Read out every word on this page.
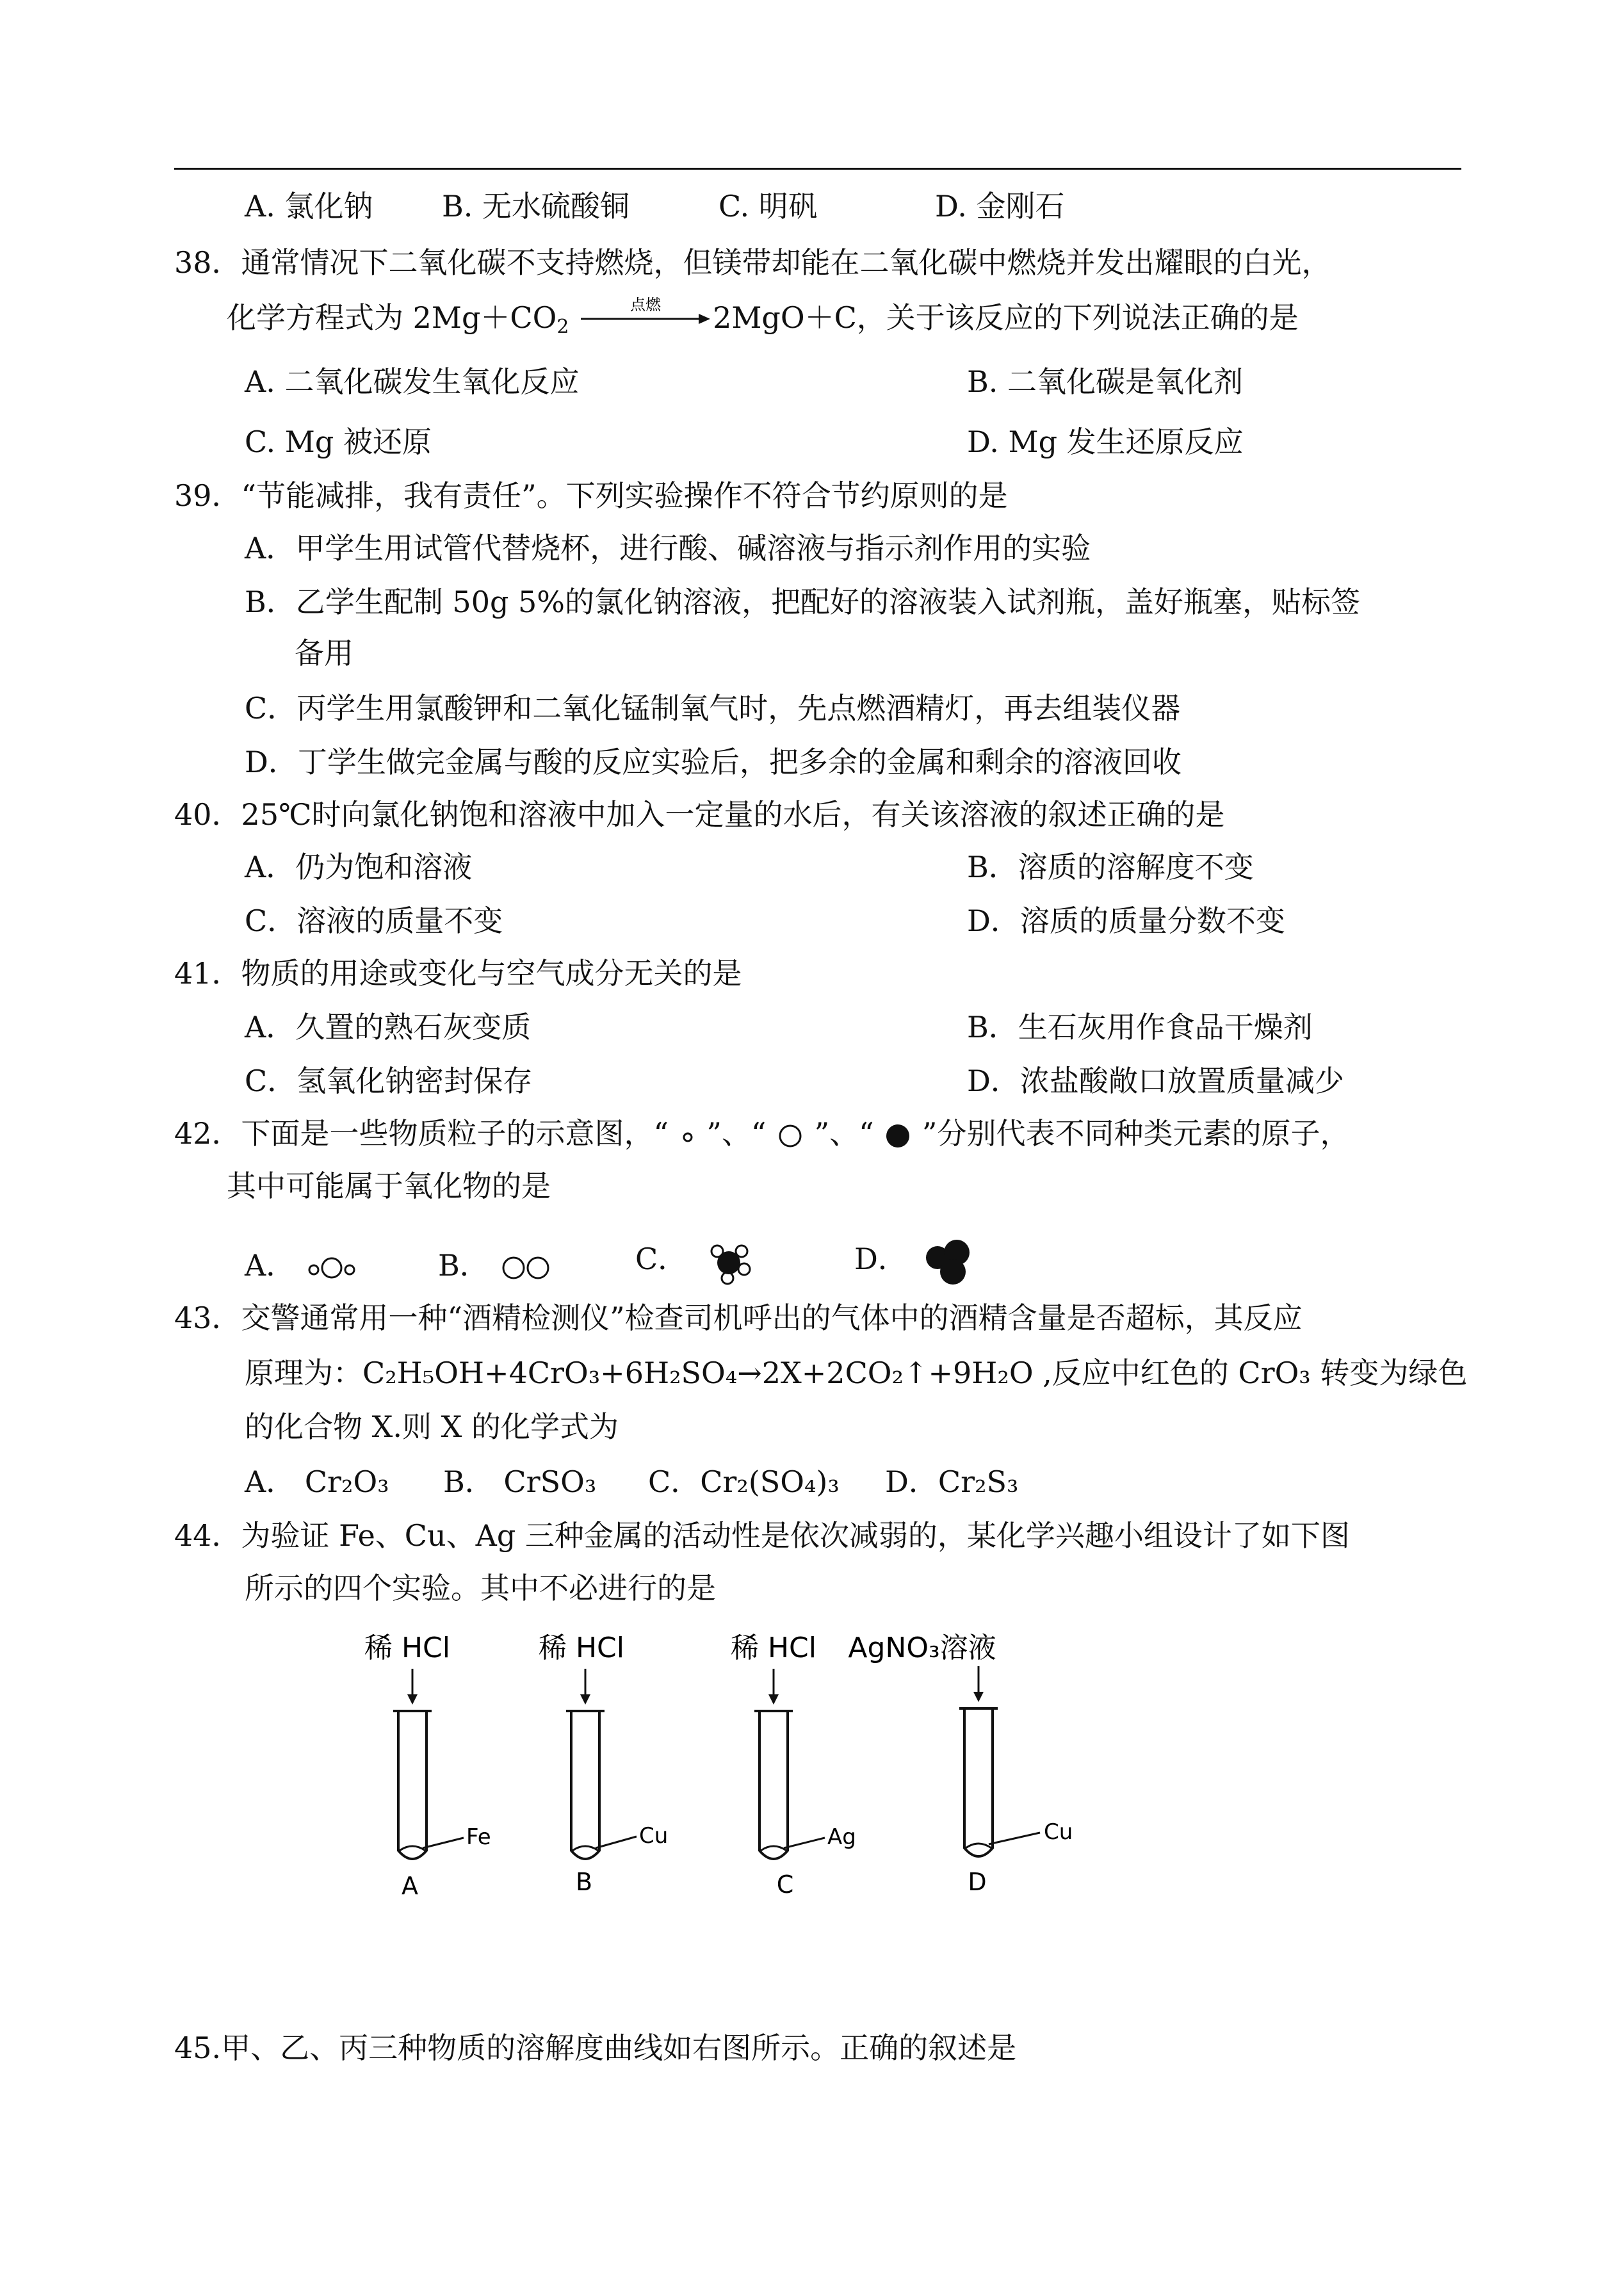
A. 氯化钠 B. 无水硫酸铜	C. 明矾	D. 金刚石
38．通常情况下二氧化碳不支持燃烧，但镁带却能在二氧化碳中燃烧并发出耀眼的白光，
化学方程式为 $2Mg+CO_2$
点燃 2MgO＋C，关于该反应的下列说法正确的是
A. 二氧化碳发生氧化反应	B. 二氧化碳是氧化剂
C. Mg 被还原	D. Mg 发生还原反应
39．“节能减排，我有责任”。下列实验操作不符合节约原则的是
A．甲学生用试管代替烧杯，进行酸、碱溶液与指示剂作用的实验
B．乙学生配制 50g 5%的氯化钠溶液，把配好的溶液装入试剂瓶，盖好瓶塞，贴标签
备用
C．丙学生用氯酸钾和二氧化锰制氧气时，先点燃酒精灯，再去组装仪器
D．丁学生做完金属与酸的反应实验后，把多余的金属和剩余的溶液回收
40．25℃时向氯化钠饱和溶液中加入一定量的水后，有关该溶液的叙述正确的是
A．仍为饱和溶液	B．溶质的溶解度不变
C．溶液的质量不变	D．溶质的质量分数不变
41．物质的用途或变化与空气成分无关的是
A．久置的熟石灰变质	B．生石灰用作食品干燥剂
C．氢氧化钠密封保存	D．浓盐酸敞口放置质量减少
42．下面是一些物质粒子的示意图，“ ”、“ ”、“ ”分别代表不同种类元素的原子，
其中可能属于氧化物的是
A．	B．	C．	D．
43．交警通常用一种“酒精检测仪”检查司机呼出的气体中的酒精含量是否超标，其反应
原理为：C₂H₅OH+4CrO₃+6H₂SO₄→2X+2CO₂↑+9H₂O ,反应中红色的 CrO₃ 转变为绿色
的化合物 X.则 X 的化学式为
A． Cr₂O₃ B． CrSO₃ C．Cr₂(SO₄)₃ D．Cr₂S₃
44．为验证 Fe、Cu、Ag 三种金属的活动性是依次减弱的，某化学兴趣小组设计了如下图
所示的四个实验。其中不必进行的是
稀 HCl
Fe
A
稀 HCl
Cu
B
稀 HCl
Ag
C
AgNO₃溶液
Cu
D
45.甲、乙、丙三种物质的溶解度曲线如右图所示。正确的叙述是
